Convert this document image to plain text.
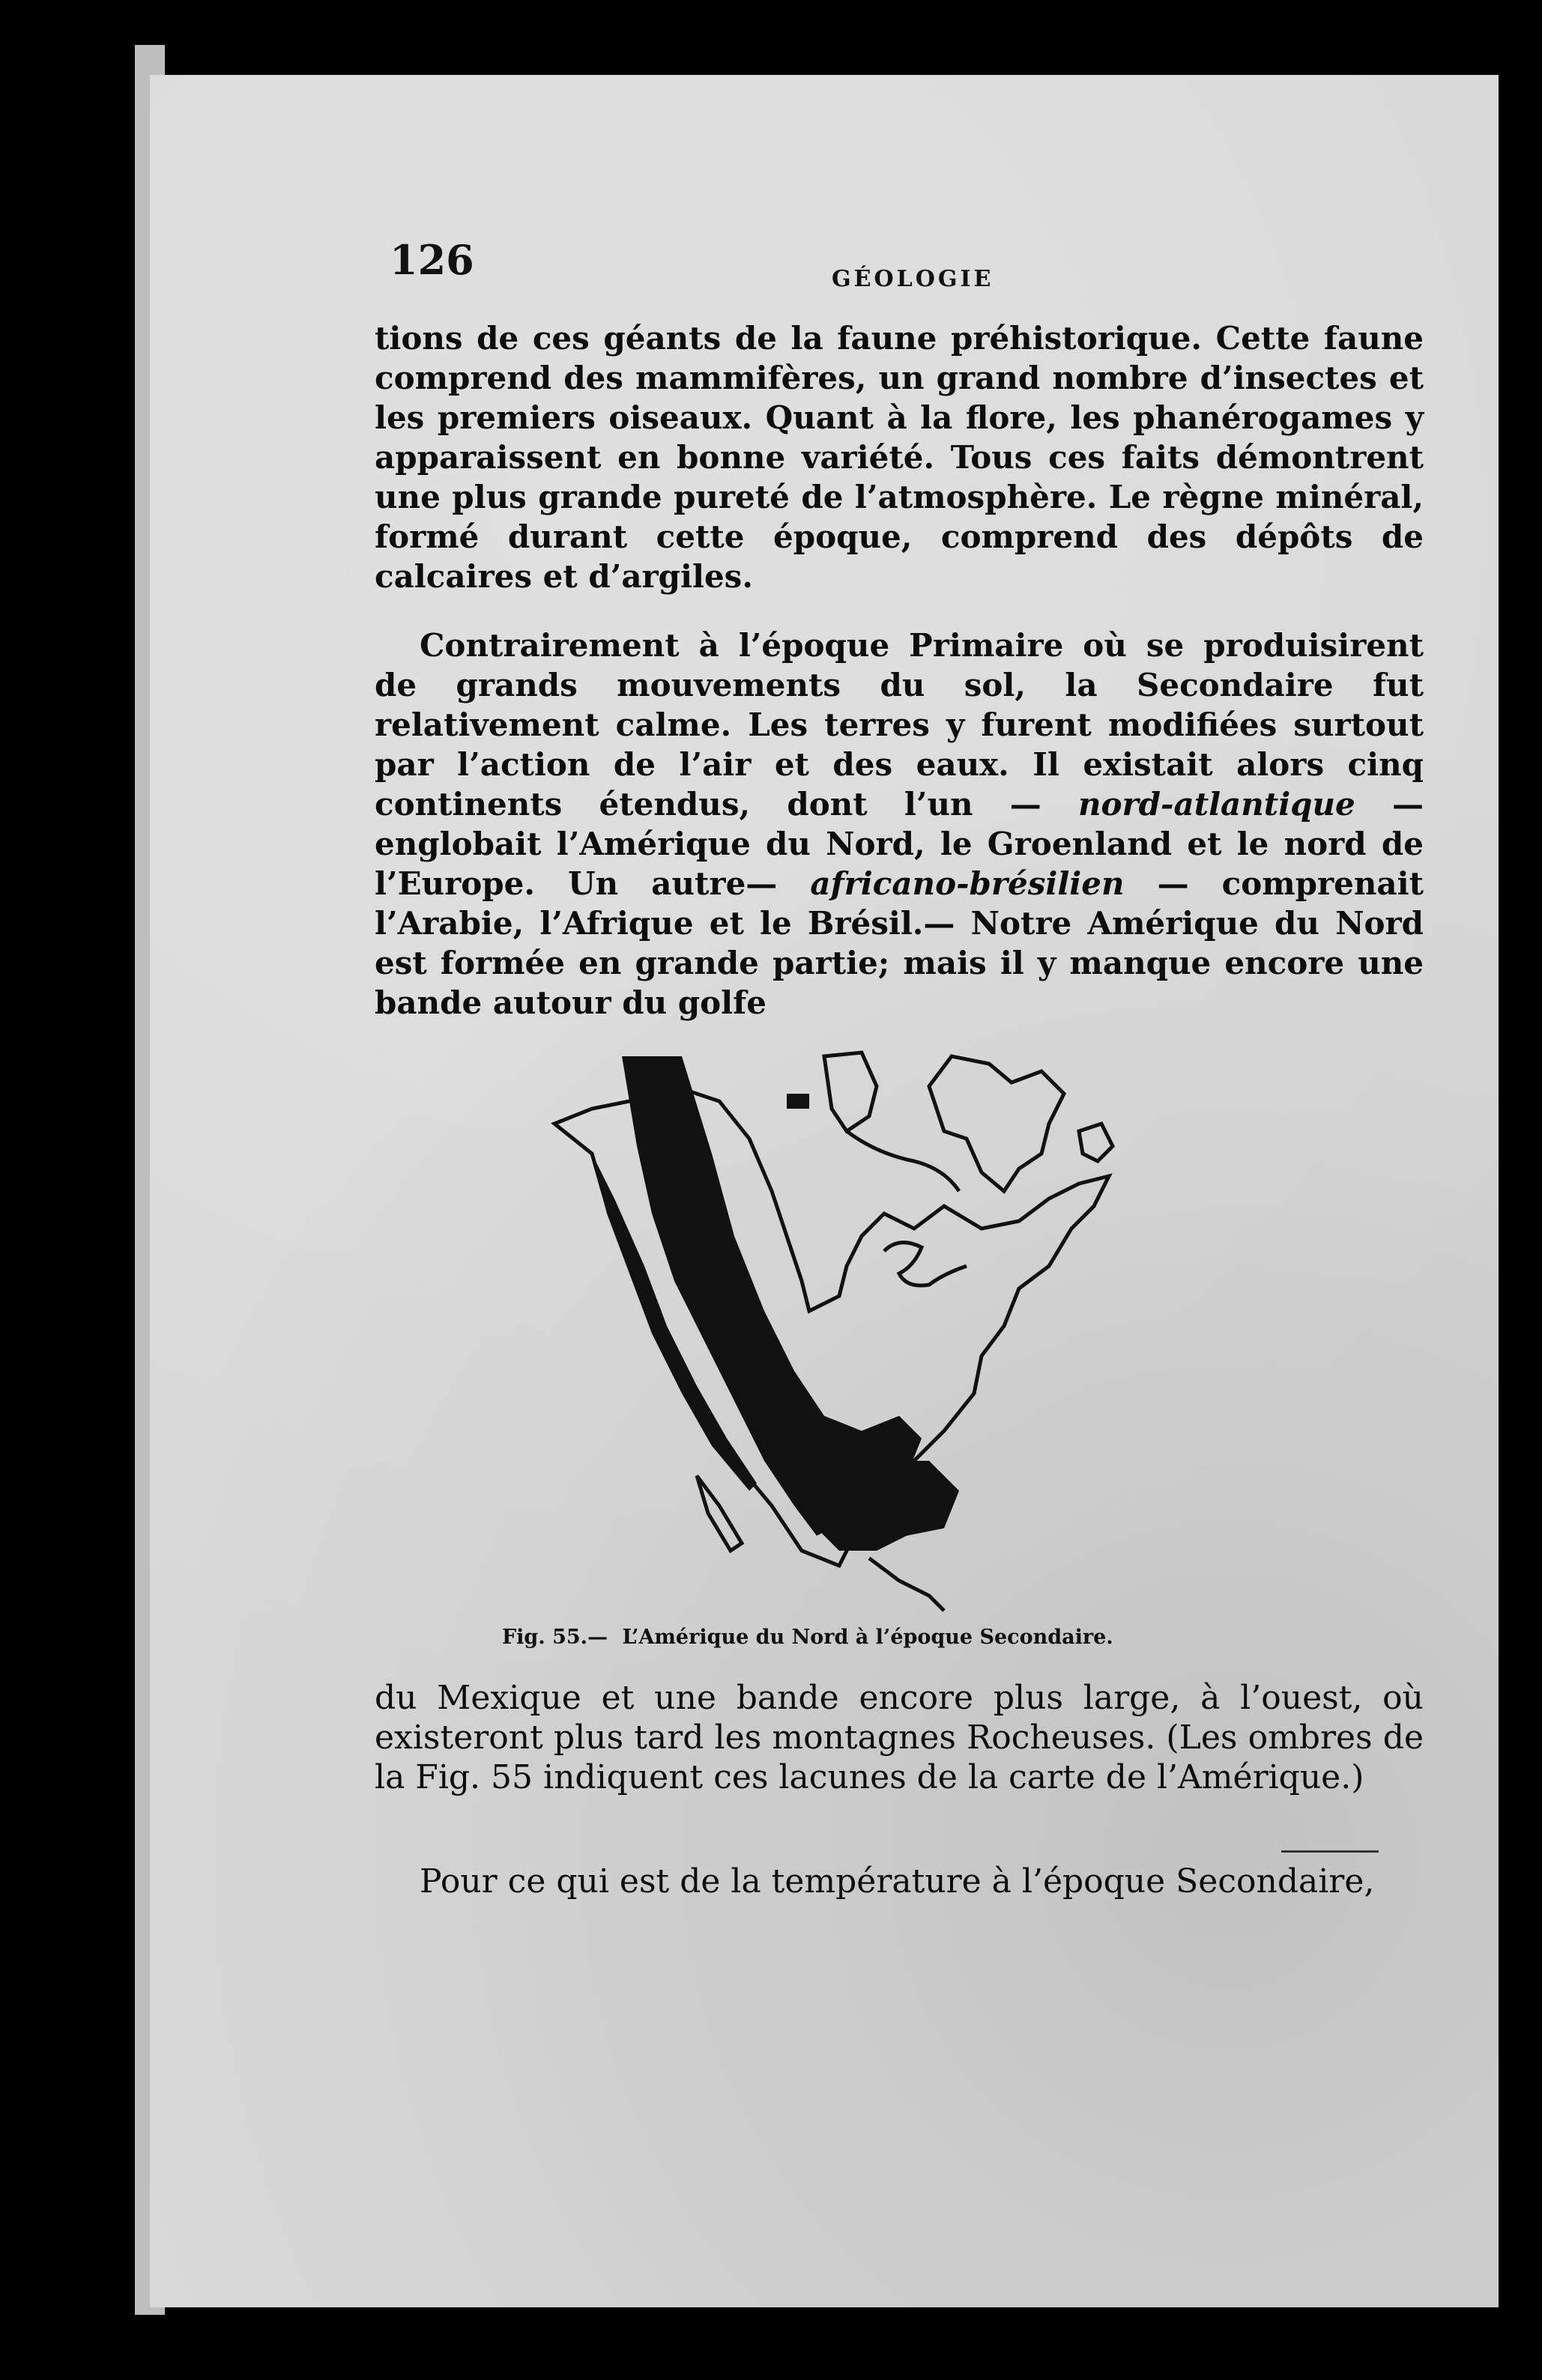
126	GÉOLOGIE

tions de ces géants de la faune préhistorique. Cette faune comprend des mammifères, un grand nombre d’insectes et les premiers oiseaux. Quant à la flore, les phanérogames y apparaissent en bonne variété. Tous ces faits démontrent une plus grande pureté de l’atmosphère. Le règne minéral, formé durant cette époque, comprend des dépôts de calcaires et d’argiles.

Contrairement à l’époque Primaire où se produisirent de grands mouvements du sol, la Secondaire fut relativement calme. Les terres y furent modifiées surtout par l’action de l’air et des eaux. Il existait alors cinq continents étendus, dont l’un — nord-atlantique — englobait l’Amérique du Nord, le Groenland et le nord de l’Europe. Un autre— africano-brésilien — comprenait l’Arabie, l’Afrique et le Brésil.— Notre Amérique du Nord est formée en grande partie; mais il y manque encore une bande autour du golfe

Fig. 55.— L’Amérique du Nord à l’époque Secondaire.

du Mexique et une bande encore plus large, à l’ouest, où existeront plus tard les montagnes Rocheuses. (Les ombres de la Fig. 55 indiquent ces lacunes de la carte de l’Amérique.)

Pour ce qui est de la température à l’époque Secondaire,
